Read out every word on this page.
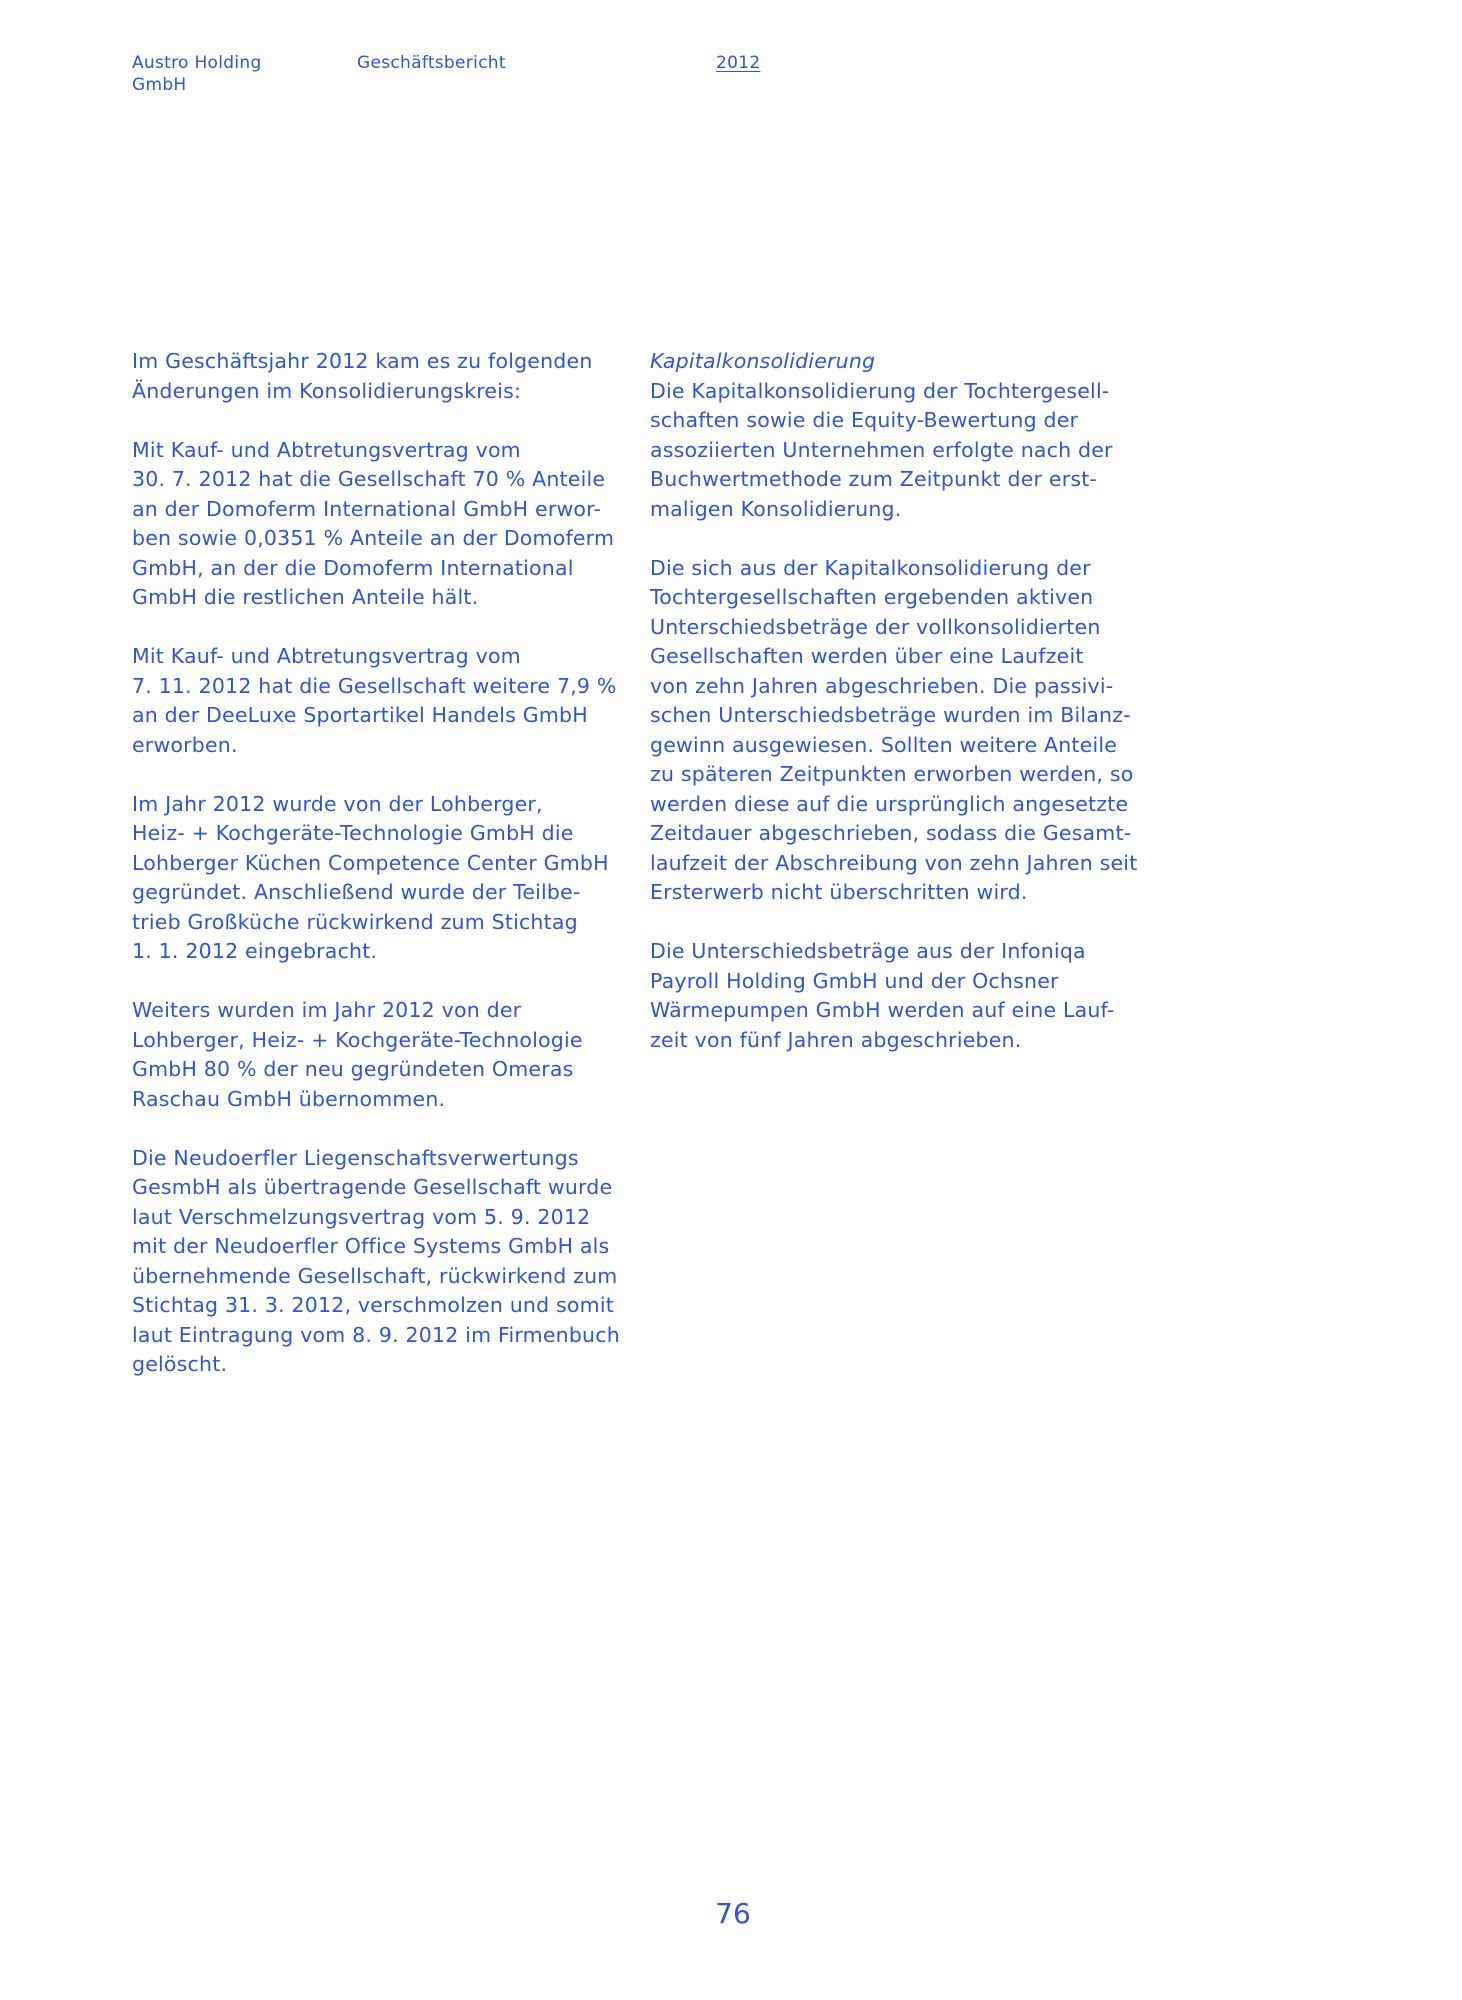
Austro Holding GmbH
Geschäftsbericht	2012
Im Geschäftsjahr 2012 kam es zu folgenden
Änderungen im Konsolidierungskreis:
Mit Kauf- und Abtretungsvertrag vom
30. 7. 2012 hat die Gesellschaft 70 % Anteile
an der Domoferm International GmbH erwor-
ben sowie 0,0351 % Anteile an der Domoferm
GmbH, an der die Domoferm International
GmbH die restlichen Anteile hält.
Mit Kauf- und Abtretungsvertrag vom
7. 11. 2012 hat die Gesellschaft weitere 7,9 %
an der DeeLuxe Sportartikel Handels GmbH
erworben.
Im Jahr 2012 wurde von der Lohberger,
Heiz- + Kochgeräte-Technologie GmbH die
Lohberger Küchen Competence Center GmbH
gegründet. Anschließend wurde der Teilbe-
trieb Großküche rückwirkend zum Stichtag
1. 1. 2012 eingebracht.
Weiters wurden im Jahr 2012 von der
Lohberger, Heiz- + Kochgeräte-Technologie
GmbH 80 % der neu gegründeten Omeras
Raschau GmbH übernommen.
Die Neudoerfler Liegenschaftsverwertungs
GesmbH als übertragende Gesellschaft wurde
laut Verschmelzungsvertrag vom 5. 9. 2012
mit der Neudoerfler Office Systems GmbH als
übernehmende Gesellschaft, rückwirkend zum
Stichtag 31. 3. 2012, verschmolzen und somit
laut Eintragung vom 8. 9. 2012 im Firmenbuch
gelöscht.
Kapitalkonsolidierung
Die Kapitalkonsolidierung der Tochtergesell-
schaften sowie die Equity-Bewertung der
assoziierten Unternehmen erfolgte nach der
Buchwertmethode zum Zeitpunkt der erst-
maligen Konsolidierung.
Die sich aus der Kapitalkonsolidierung der
Tochtergesellschaften ergebenden aktiven
Unterschiedsbeträge der vollkonsolidierten
Gesellschaften werden über eine Laufzeit
von zehn Jahren abgeschrieben. Die passivi-
schen Unterschiedsbeträge wurden im Bilanz-
gewinn ausgewiesen. Sollten weitere Anteile
zu späteren Zeitpunkten erworben werden, so
werden diese auf die ursprünglich angesetzte
Zeitdauer abgeschrieben, sodass die Gesamt-
laufzeit der Abschreibung von zehn Jahren seit
Ersterwerb nicht überschritten wird.
Die Unterschiedsbeträge aus der Infoniqa
Payroll Holding GmbH und der Ochsner
Wärmepumpen GmbH werden auf eine Lauf-
zeit von fünf Jahren abgeschrieben.
76
